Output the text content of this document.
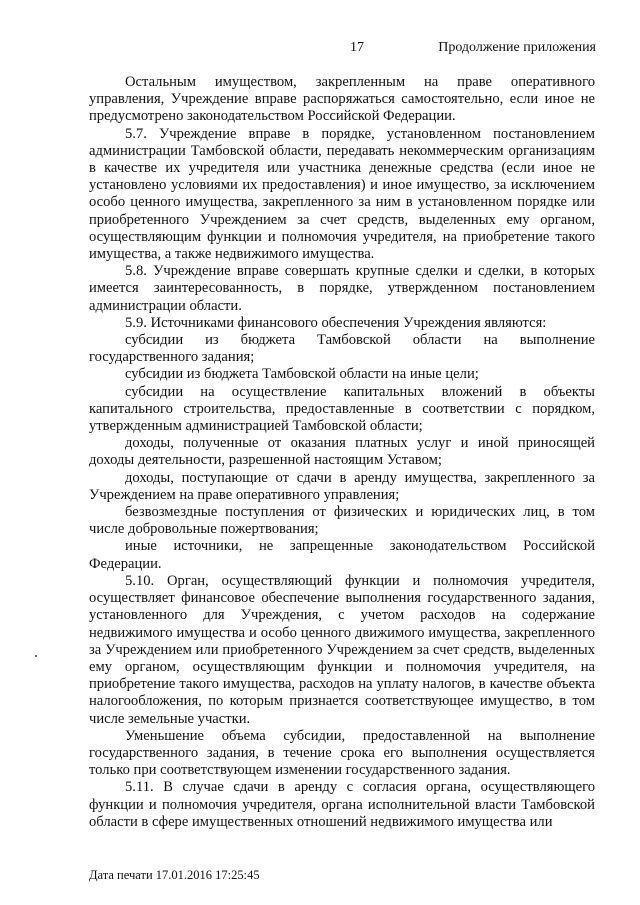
17	Продолжение приложения

Остальным имуществом, закрепленным на праве оперативного управления, Учреждение вправе распоряжаться самостоятельно, если иное не предусмотрено законодательством Российской Федерации.

5.7. Учреждение вправе в порядке, установленном постановлением администрации Тамбовской области, передавать некоммерческим организациям в качестве их учредителя или участника денежные средства (если иное не установлено условиями их предоставления) и иное имущество, за исключением особо ценного имущества, закрепленного за ним в установленном порядке или приобретенного Учреждением за счет средств, выделенных ему органом, осуществляющим функции и полномочия учредителя, на приобретение такого имущества, а также недвижимого имущества.

5.8. Учреждение вправе совершать крупные сделки и сделки, в которых имеется заинтересованность, в порядке, утвержденном постановлением администрации области.

5.9. Источниками финансового обеспечения Учреждения являются:

субсидии из бюджета Тамбовской области на выполнение государственного задания;

субсидии из бюджета Тамбовской области на иные цели;

субсидии на осуществление капитальных вложений в объекты капитального строительства, предоставленные в соответствии с порядком, утвержденным администрацией Тамбовской области;

доходы, полученные от оказания платных услуг и иной приносящей доходы деятельности, разрешенной настоящим Уставом;

доходы, поступающие от сдачи в аренду имущества, закрепленного за Учреждением на праве оперативного управления;

безвозмездные поступления от физических и юридических лиц, в том числе добровольные пожертвования;

иные источники, не запрещенные законодательством Российской Федерации.

5.10. Орган, осуществляющий функции и полномочия учредителя, осуществляет финансовое обеспечение выполнения государственного задания, установленного для Учреждения, с учетом расходов на содержание недвижимого имущества и особо ценного движимого имущества, закрепленного за Учреждением или приобретенного Учреждением за счет средств, выделенных ему органом, осуществляющим функции и полномочия учредителя, на приобретение такого имущества, расходов на уплату налогов, в качестве объекта налогообложения, по которым признается соответствующее имущество, в том числе земельные участки.

Уменьшение объема субсидии, предоставленной на выполнение государственного задания, в течение срока его выполнения осуществляется только при соответствующем изменении государственного задания.

5.11. В случае сдачи в аренду с согласия органа, осуществляющего функции и полномочия учредителя, органа исполнительной власти Тамбовской области в сфере имущественных отношений недвижимого имущества или

Дата печати 17.01.2016 17:25:45
